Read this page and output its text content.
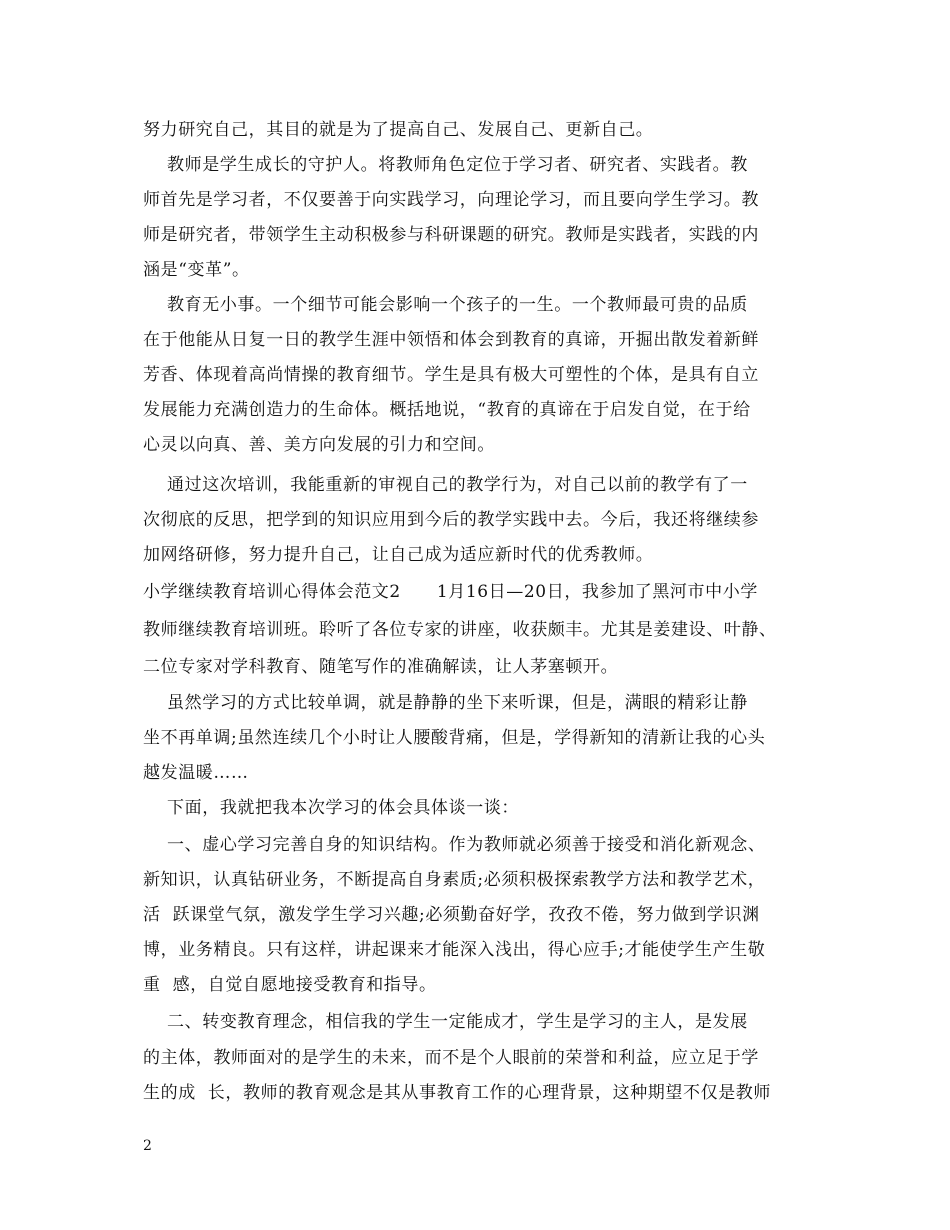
努力研究自己，其目的就是为了提高自己、发展自己、更新自己。
教师是学生成长的守护人。将教师角色定位于学习者、研究者、实践者。教
师首先是学习者，不仅要善于向实践学习，向理论学习，而且要向学生学习。教
师是研究者，带领学生主动积极参与科研课题的研究。教师是实践者，实践的内
涵是“变革”。
教育无小事。一个细节可能会影响一个孩子的一生。一个教师最可贵的品质
在于他能从日复一日的教学生涯中领悟和体会到教育的真谛，开掘出散发着新鲜
芳香、体现着高尚情操的教育细节。学生是具有极大可塑性的个体，是具有自立
发展能力充满创造力的生命体。概括地说，“教育的真谛在于启发自觉，在于给
心灵以向真、善、美方向发展的引力和空间。
通过这次培训，我能重新的审视自己的教学行为，对自己以前的教学有了一
次彻底的反思，把学到的知识应用到今后的教学实践中去。今后，我还将继续参
加网络研修，努力提升自己，让自己成为适应新时代的优秀教师。
小学继续教育培训心得体会范文2      1月16日—20日，我参加了黑河市中小学
教师继续教育培训班。聆听了各位专家的讲座，收获颇丰。尤其是姜建设、叶静、
二位专家对学科教育、随笔写作的准确解读，让人茅塞顿开。
虽然学习的方式比较单调，就是静静的坐下来听课，但是，满眼的精彩让静
坐不再单调;虽然连续几个小时让人腰酸背痛，但是，学得新知的清新让我的心头
越发温暖……
下面，我就把我本次学习的体会具体谈一谈：
一、虚心学习完善自身的知识结构。作为教师就必须善于接受和消化新观念、
新知识，认真钻研业务，不断提高自身素质;必须积极探索教学方法和教学艺术，
活  跃课堂气氛，激发学生学习兴趣;必须勤奋好学，孜孜不倦，努力做到学识渊
博，业务精良。只有这样，讲起课来才能深入浅出，得心应手;才能使学生产生敬
重  感，自觉自愿地接受教育和指导。
二、转变教育理念，相信我的学生一定能成才，学生是学习的主人，是发展
的主体，教师面对的是学生的未来，而不是个人眼前的荣誉和利益，应立足于学
生的成  长，教师的教育观念是其从事教育工作的心理背景，这种期望不仅是教师
2
